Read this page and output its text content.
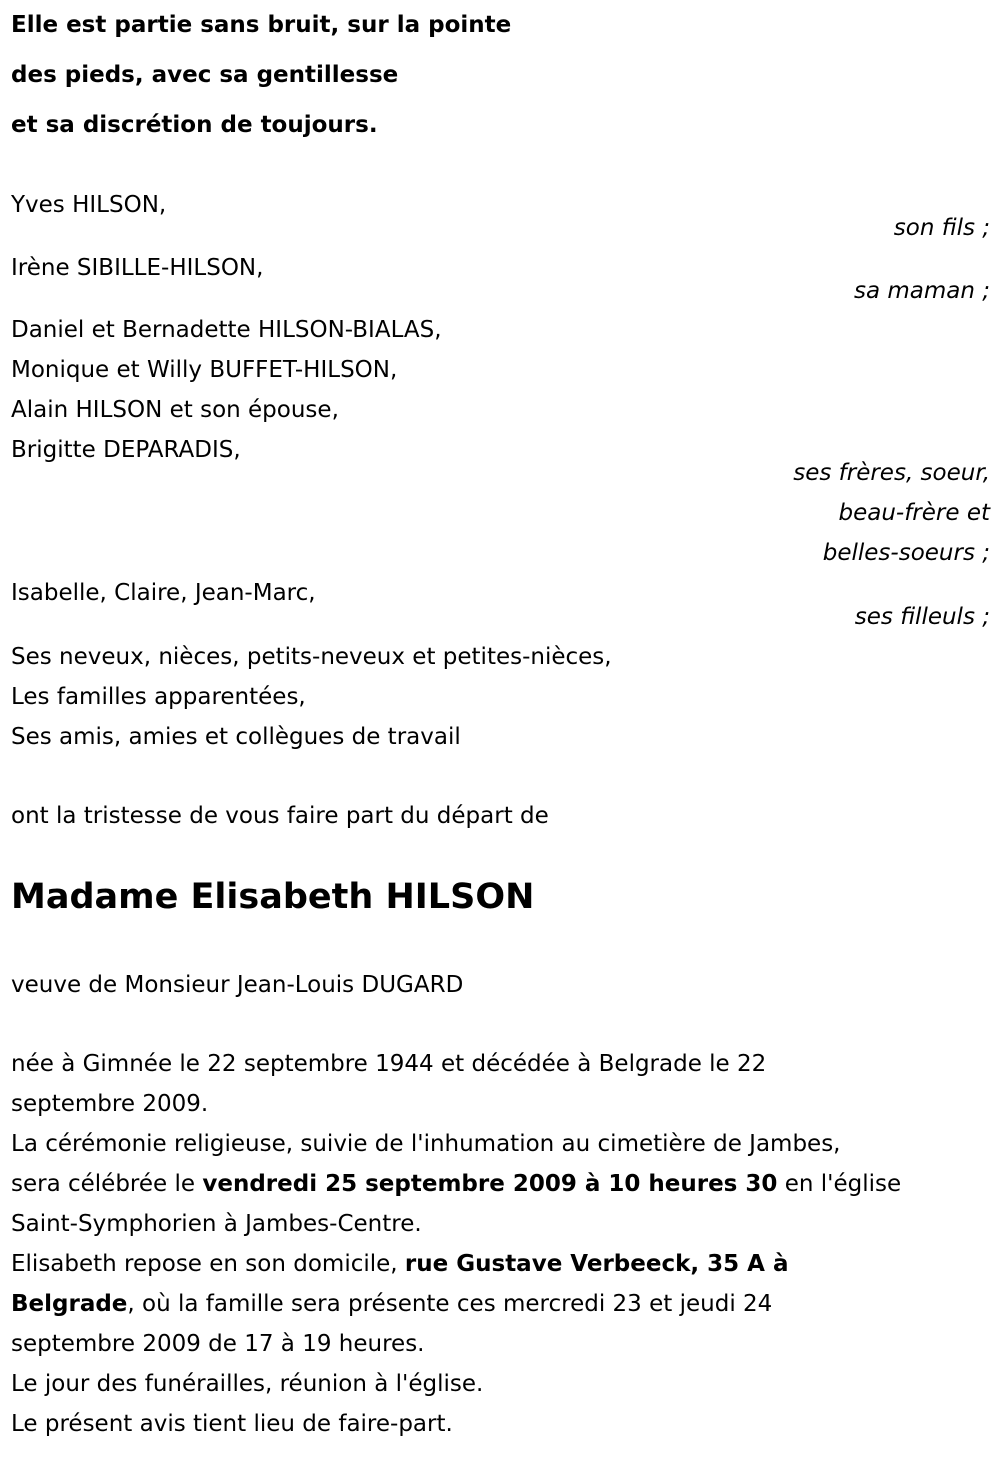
Elle est partie sans bruit, sur la pointe
des pieds, avec sa gentillesse
et sa discrétion de toujours.
Yves HILSON,
son fils ;
Irène SIBILLE-HILSON,
sa maman ;
Daniel et Bernadette HILSON-BIALAS,
Monique et Willy BUFFET-HILSON,
Alain HILSON et son épouse,
Brigitte DEPARADIS,
ses frères, soeur,
beau-frère et
belles-soeurs ;
Isabelle, Claire, Jean-Marc,
ses filleuls ;
Ses neveux, nièces, petits-neveux et petites-nièces,
Les familles apparentées,
Ses amis, amies et collègues de travail
ont la tristesse de vous faire part du départ de
Madame Elisabeth HILSON
veuve de Monsieur Jean-Louis DUGARD
née à Gimnée le 22 septembre 1944 et décédée à Belgrade le 22
septembre 2009.
La cérémonie religieuse, suivie de l'inhumation au cimetière de Jambes,
sera célébrée le vendredi 25 septembre 2009 à 10 heures 30 en l'église
Saint-Symphorien à Jambes-Centre.
Elisabeth repose en son domicile, rue Gustave Verbeeck, 35 A à
Belgrade, où la famille sera présente ces mercredi 23 et jeudi 24
septembre 2009 de 17 à 19 heures.
Le jour des funérailles, réunion à l'église.
Le présent avis tient lieu de faire-part.
